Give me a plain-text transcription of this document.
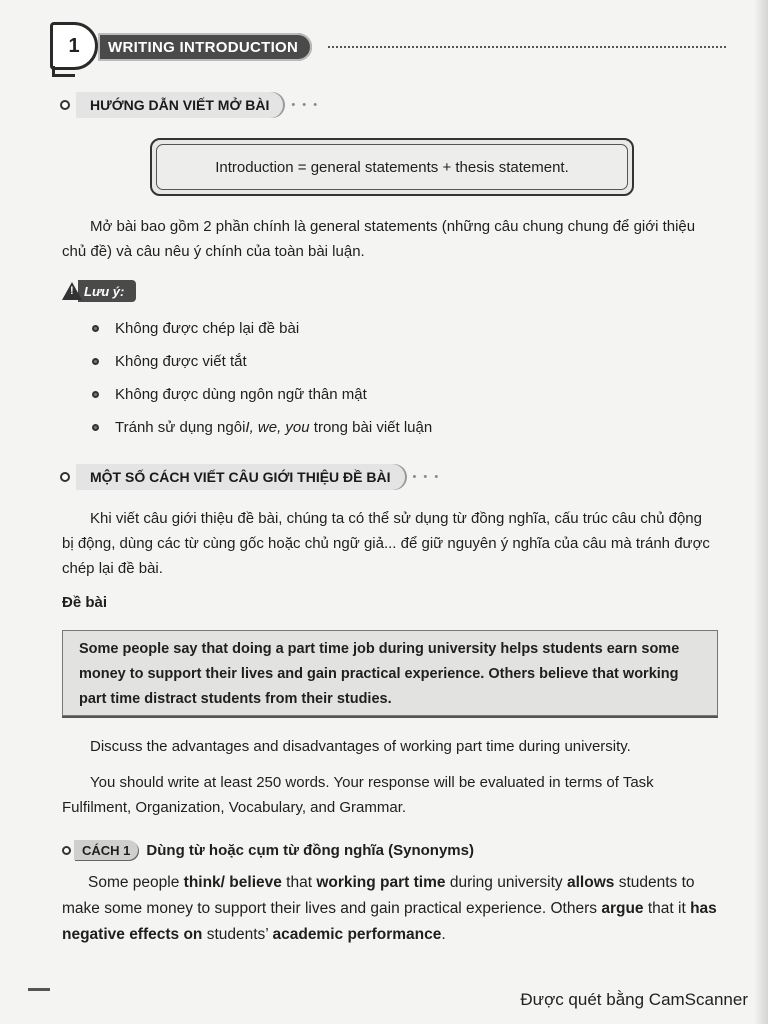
1	WRITING INTRODUCTION
HƯỚNG DẪN VIẾT MỞ BÀI	• • •
Introduction = general statements + thesis statement.
Mở bài bao gồm 2 phần chính là general statements (những câu chung chung để giới thiệu
chủ đề) và câu nêu ý chính của toàn bài luận.
! Lưu ý:
Không được chép lại đề bài
Không được viết tắt
Không được dùng ngôn ngữ thân mật
Tránh sử dụng ngôi I, we, you trong bài viết luận
MỘT SỐ CÁCH VIẾT CÂU GIỚI THIỆU ĐỀ BÀI	• • •
Khi viết câu giới thiệu đề bài, chúng ta có thể sử dụng từ đồng nghĩa, cấu trúc câu chủ động
bị động, dùng các từ cùng gốc hoặc chủ ngữ giả... để giữ nguyên ý nghĩa của câu mà tránh được
chép lại đề bài.
Đề bài
Some people say that doing a part time job during university helps students earn some
money to support their lives and gain practical experience. Others believe that working
part time distract students from their studies.
Discuss the advantages and disadvantages of working part time during university.
You should write at least 250 words. Your response will be evaluated in terms of Task
Fulfilment, Organization, Vocabulary, and Grammar.
CÁCH 1	Dùng từ hoặc cụm từ đồng nghĩa (Synonyms)
Some people think/ believe that working part time during university allows students to
make some money to support their lives and gain practical experience. Others argue that it has
negative effects on students’ academic performance.
Được quét bằng CamScanner
